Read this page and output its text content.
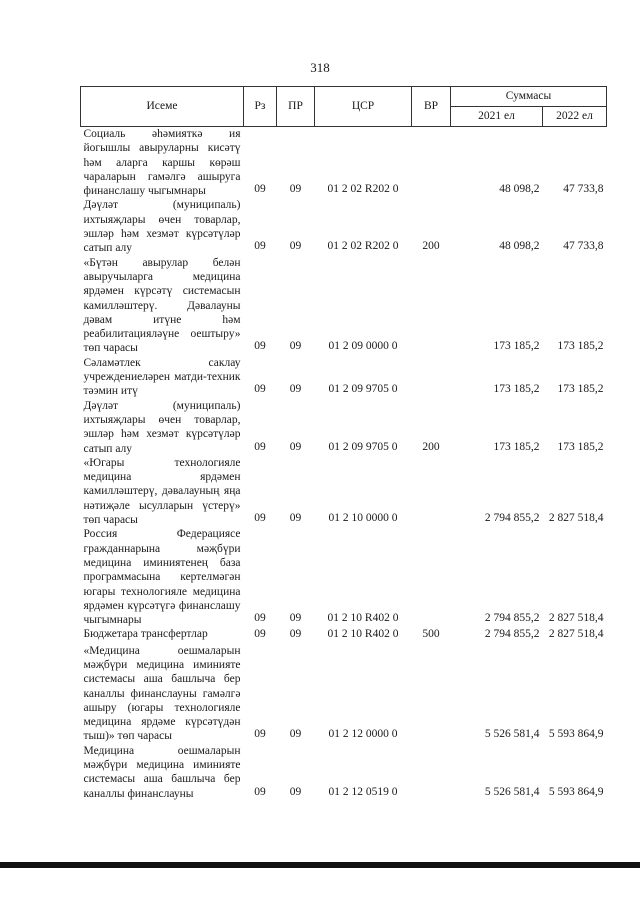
318
Исеме	Рз	ПР	ЦСР	ВР	Суммасы	
					2021 ел	2022 ел
Социаль әһәмияткә ия йогышлы авыруларны кисәтү һәм аларга каршы көрәш чараларын гамәлгә ашыруга финанслашу чыгымнары	09	09	01 2 02 R202 0		48 098,2	47 733,8
Дәүләт (муниципаль) ихтыяҗлары өчен товарлар, эшләр һәм хезмәт күрсәтүләр сатып алу	09	09	01 2 02 R202 0	200	48 098,2	47 733,8
«Бүтән авырулар белән авыручыларга медицина ярдәмен күрсәтү системасын камилләштерү. Дәвалауны дәвам итүне һәм реабилитацияләүне оештыру» төп чарасы	09	09	01 2 09 0000 0		173 185,2	173 185,2
Сәламәтлек саклау учреждениеләрен матди-техник тәэмин итү	09	09	01 2 09 9705 0		173 185,2	173 185,2
Дәүләт (муниципаль) ихтыяҗлары өчен товарлар, эшләр һәм хезмәт күрсәтүләр сатып алу	09	09	01 2 09 9705 0	200	173 185,2	173 185,2
«Югары технологияле медицина ярдәмен камилләштерү, дәвалауның яңа нәтиҗәле ысулларын үстерү» төп чарасы	09	09	01 2 10 0000 0		2 794 855,2	2 827 518,4
Россия Федерациясе гражданнарына мәҗбүри медицина иминиятенең база программасына кертелмәгән югары технологияле медицина ярдәмен күрсәтүгә финанслашу чыгымнары	09	09	01 2 10 R402 0		2 794 855,2	2 827 518,4
Бюджетара трансфертлар	09	09	01 2 10 R402 0	500	2 794 855,2	2 827 518,4
«Медицина оешмаларын мәҗбүри медицина иминияте системасы аша башлыча бер каналлы финанслауны гамәлгә ашыру (югары технологияле медицина ярдәме күрсәтүдән тыш)» төп чарасы	09	09	01 2 12 0000 0		5 526 581,4	5 593 864,9
Медицина оешмаларын мәҗбүри медицина иминияте системасы аша башлыча бер каналлы финанслауны	09	09	01 2 12 0519 0		5 526 581,4	5 593 864,9
